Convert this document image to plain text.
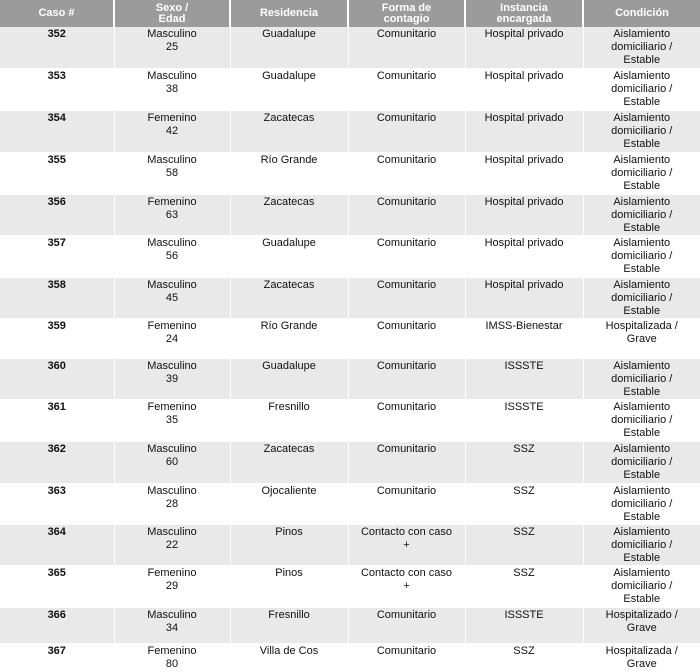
Caso #	Sexo /
Edad	Residencia	Forma de
contagio	Instancia
encargada	Condición

352	Masculino
25	Guadalupe	Comunitario	Hospital privado	Aislamiento
domiciliario /
Estable

353	Masculino
38	Guadalupe	Comunitario	Hospital privado	Aislamiento
domiciliario /
Estable

354	Femenino
42	Zacatecas	Comunitario	Hospital privado	Aislamiento
domiciliario /
Estable

355	Masculino
58	Río Grande	Comunitario	Hospital privado	Aislamiento
domiciliario /
Estable

356	Femenino
63	Zacatecas	Comunitario	Hospital privado	Aislamiento
domiciliario /
Estable

357	Masculino
56	Guadalupe	Comunitario	Hospital privado	Aislamiento
domiciliario /
Estable

358	Masculino
45	Zacatecas	Comunitario	Hospital privado	Aislamiento
domiciliario /
Estable

359	Femenino
24	Río Grande	Comunitario	IMSS-Bienestar	Hospitalizada /
Grave

360	Masculino
39	Guadalupe	Comunitario	ISSSTE	Aislamiento
domiciliario /
Estable

361	Femenino
35	Fresnillo	Comunitario	ISSSTE	Aislamiento
domiciliario /
Estable

362	Masculino
60	Zacatecas	Comunitario	SSZ	Aislamiento
domiciliario /
Estable

363	Masculino
28	Ojocaliente	Comunitario	SSZ	Aislamiento
domiciliario /
Estable

364	Masculino
22	Pinos	Contacto con caso
+	SSZ	Aislamiento
domiciliario /
Estable

365	Femenino
29	Pinos	Contacto con caso
+	SSZ	Aislamiento
domiciliario /
Estable

366	Masculino
34	Fresnillo	Comunitario	ISSSTE	Hospitalizado /
Grave

367	Femenino
80	Villa de Cos	Comunitario	SSZ	Hospitalizada /
Grave
